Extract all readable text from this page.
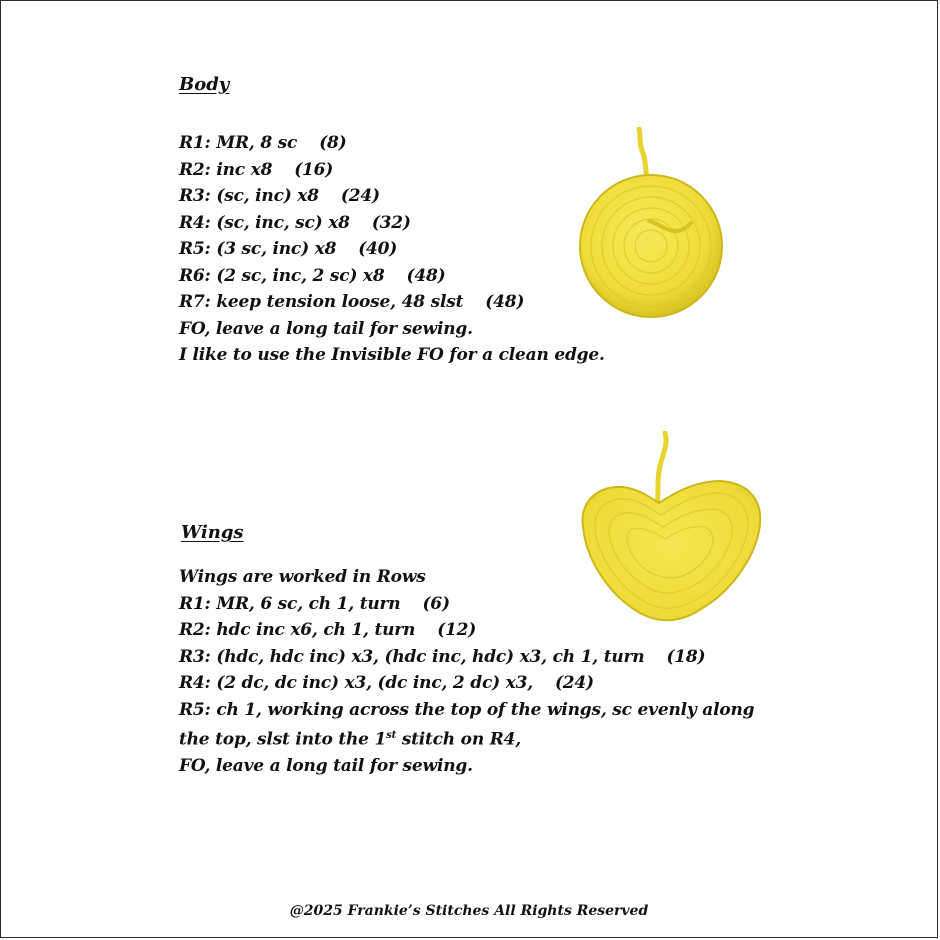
Body
R1: MR, 8 sc (8)
R2: inc x8 (16)
R3: (sc, inc) x8 (24)
R4: (sc, inc, sc) x8 (32)
R5: (3 sc, inc) x8 (40)
R6: (2 sc, inc, 2 sc) x8 (48)
R7: keep tension loose, 48 slst (48)
FO, leave a long tail for sewing.
I like to use the Invisible FO for a clean edge.
Wings
Wings are worked in Rows
R1: MR, 6 sc, ch 1, turn (6)
R2: hdc inc x6, ch 1, turn (12)
R3: (hdc, hdc inc) x3, (hdc inc, hdc) x3, ch 1, turn (18)
R4: (2 dc, dc inc) x3, (dc inc, 2 dc) x3, (24)
R5: ch 1, working across the top of the wings, sc evenly along
the top, slst into the 1st stitch on R4,
FO, leave a long tail for sewing.
@2025 Frankie’s Stitches All Rights Reserved
